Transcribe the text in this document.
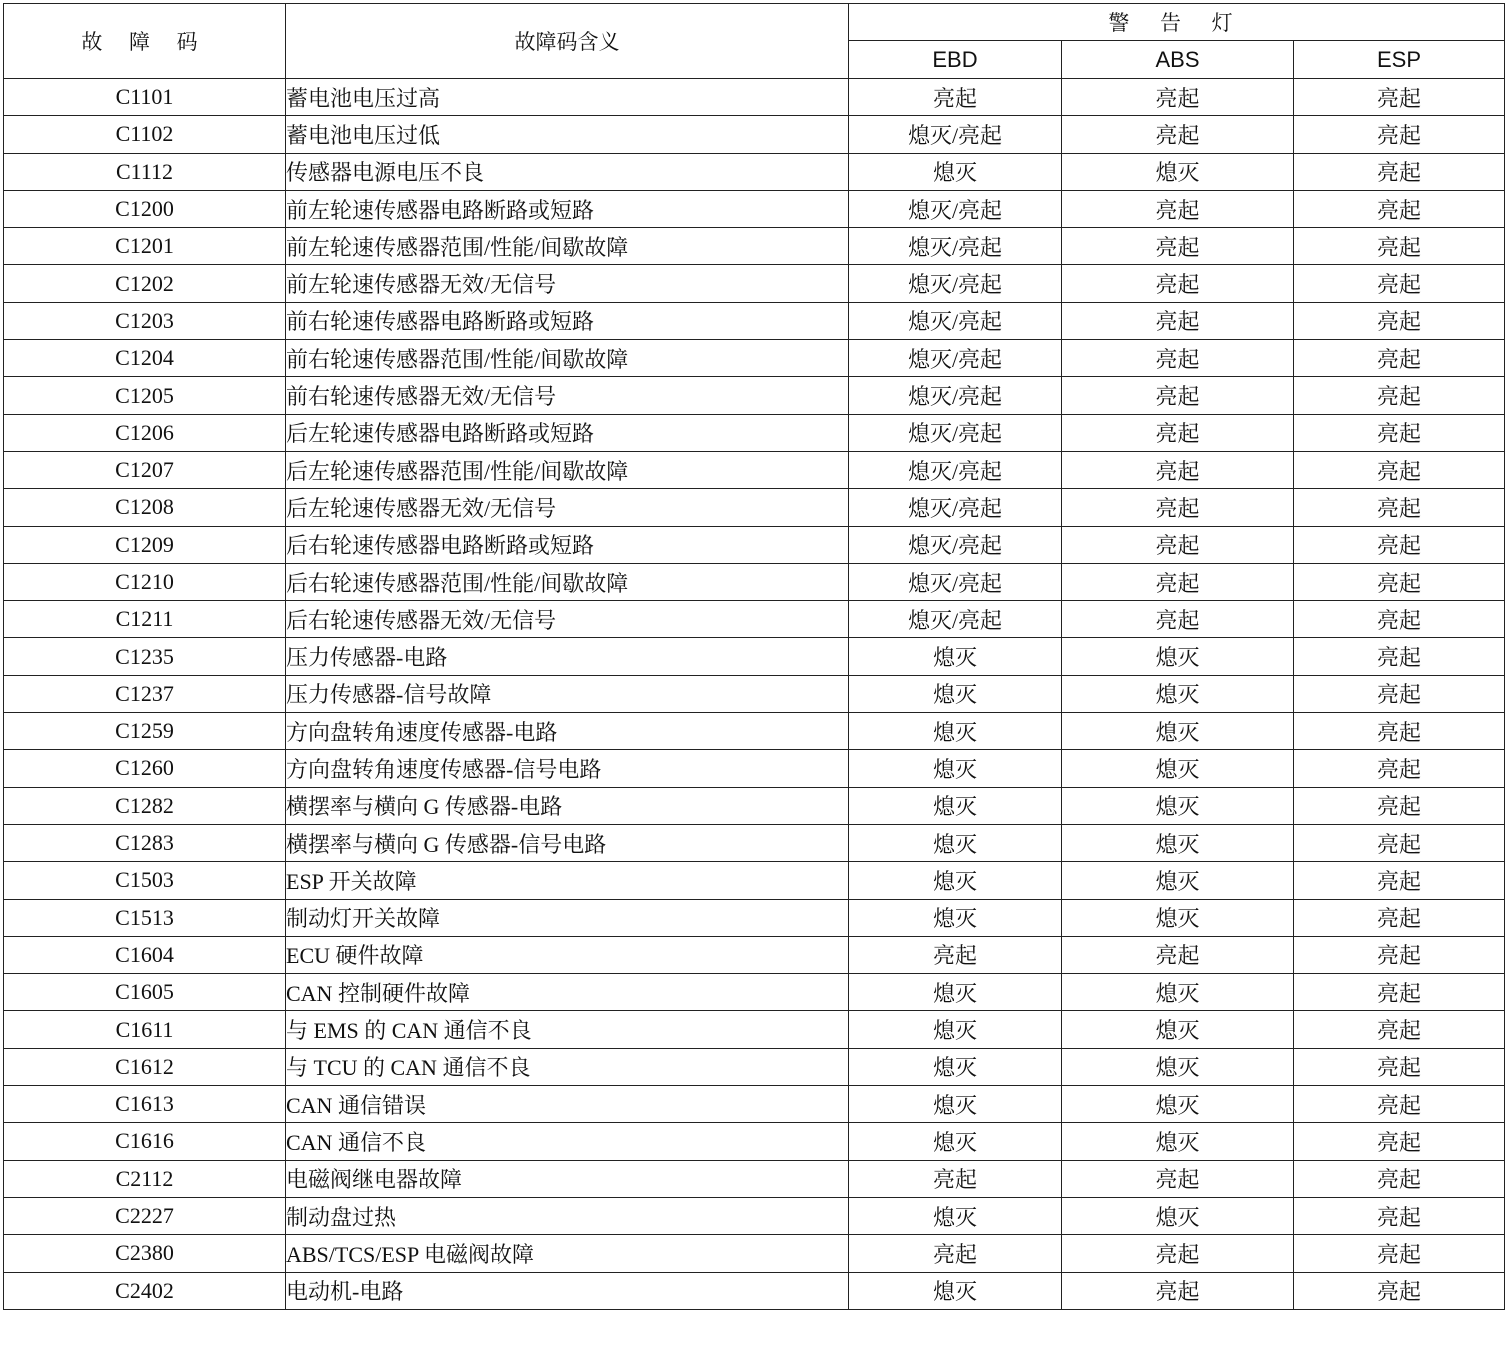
故 障 码	故障码含义	警 告 灯		
		EBD	ABS	ESP
C1101	蓄电池电压过高	亮起	亮起	亮起
C1102	蓄电池电压过低	熄灭/亮起	亮起	亮起
C1112	传感器电源电压不良	熄灭	熄灭	亮起
C1200	前左轮速传感器电路断路或短路	熄灭/亮起	亮起	亮起
C1201	前左轮速传感器范围/性能/间歇故障	熄灭/亮起	亮起	亮起
C1202	前左轮速传感器无效/无信号	熄灭/亮起	亮起	亮起
C1203	前右轮速传感器电路断路或短路	熄灭/亮起	亮起	亮起
C1204	前右轮速传感器范围/性能/间歇故障	熄灭/亮起	亮起	亮起
C1205	前右轮速传感器无效/无信号	熄灭/亮起	亮起	亮起
C1206	后左轮速传感器电路断路或短路	熄灭/亮起	亮起	亮起
C1207	后左轮速传感器范围/性能/间歇故障	熄灭/亮起	亮起	亮起
C1208	后左轮速传感器无效/无信号	熄灭/亮起	亮起	亮起
C1209	后右轮速传感器电路断路或短路	熄灭/亮起	亮起	亮起
C1210	后右轮速传感器范围/性能/间歇故障	熄灭/亮起	亮起	亮起
C1211	后右轮速传感器无效/无信号	熄灭/亮起	亮起	亮起
C1235	压力传感器-电路	熄灭	熄灭	亮起
C1237	压力传感器-信号故障	熄灭	熄灭	亮起
C1259	方向盘转角速度传感器-电路	熄灭	熄灭	亮起
C1260	方向盘转角速度传感器-信号电路	熄灭	熄灭	亮起
C1282	横摆率与横向 G 传感器-电路	熄灭	熄灭	亮起
C1283	横摆率与横向 G 传感器-信号电路	熄灭	熄灭	亮起
C1503	ESP 开关故障	熄灭	熄灭	亮起
C1513	制动灯开关故障	熄灭	熄灭	亮起
C1604	ECU 硬件故障	亮起	亮起	亮起
C1605	CAN 控制硬件故障	熄灭	熄灭	亮起
C1611	与 EMS 的 CAN 通信不良	熄灭	熄灭	亮起
C1612	与 TCU 的 CAN 通信不良	熄灭	熄灭	亮起
C1613	CAN 通信错误	熄灭	熄灭	亮起
C1616	CAN 通信不良	熄灭	熄灭	亮起
C2112	电磁阀继电器故障	亮起	亮起	亮起
C2227	制动盘过热	熄灭	熄灭	亮起
C2380	ABS/TCS/ESP 电磁阀故障	亮起	亮起	亮起
C2402	电动机-电路	熄灭	亮起	亮起
